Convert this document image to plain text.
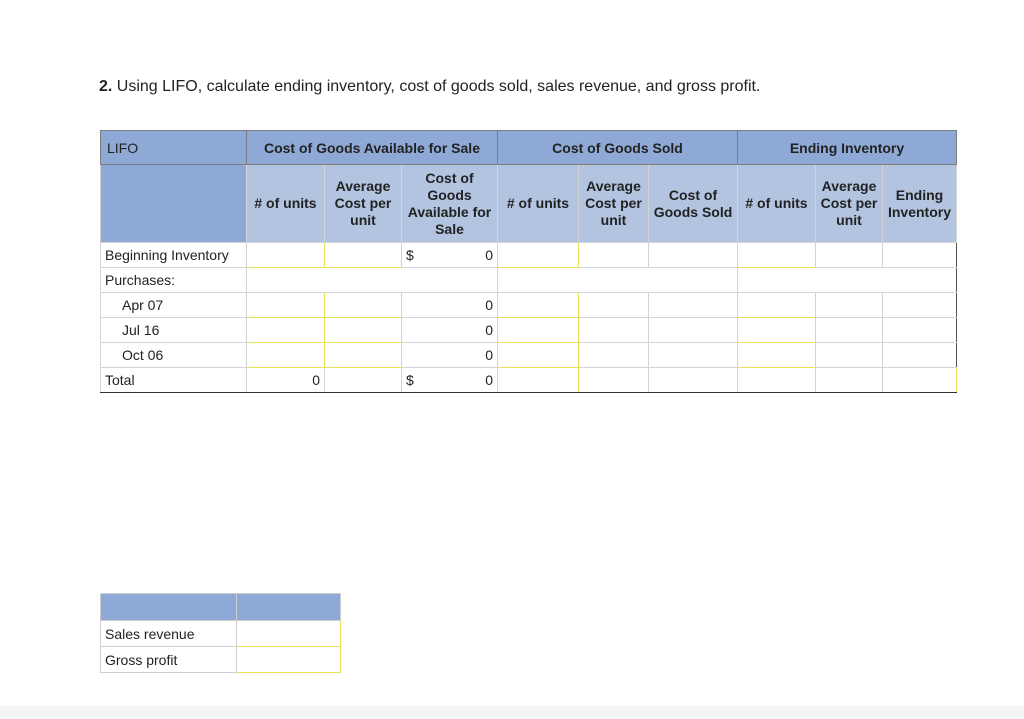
2. Using LIFO, calculate ending inventory, cost of goods sold, sales revenue, and gross profit.
LIFO	Cost of Goods Available for Sale			Cost of Goods Sold			Ending Inventory		
	# of units	Average Cost per unit	Cost of Goods Available for Sale	# of units	Average Cost per unit	Cost of Goods Sold	# of units	Average Cost per unit	Ending Inventory
Beginning Inventory			$ 0						

Purchases:									
Apr 07			0						
Jul 16			0						
Oct 06			0						
Total	0		$ 0						

Sales revenue	
Gross profit	
